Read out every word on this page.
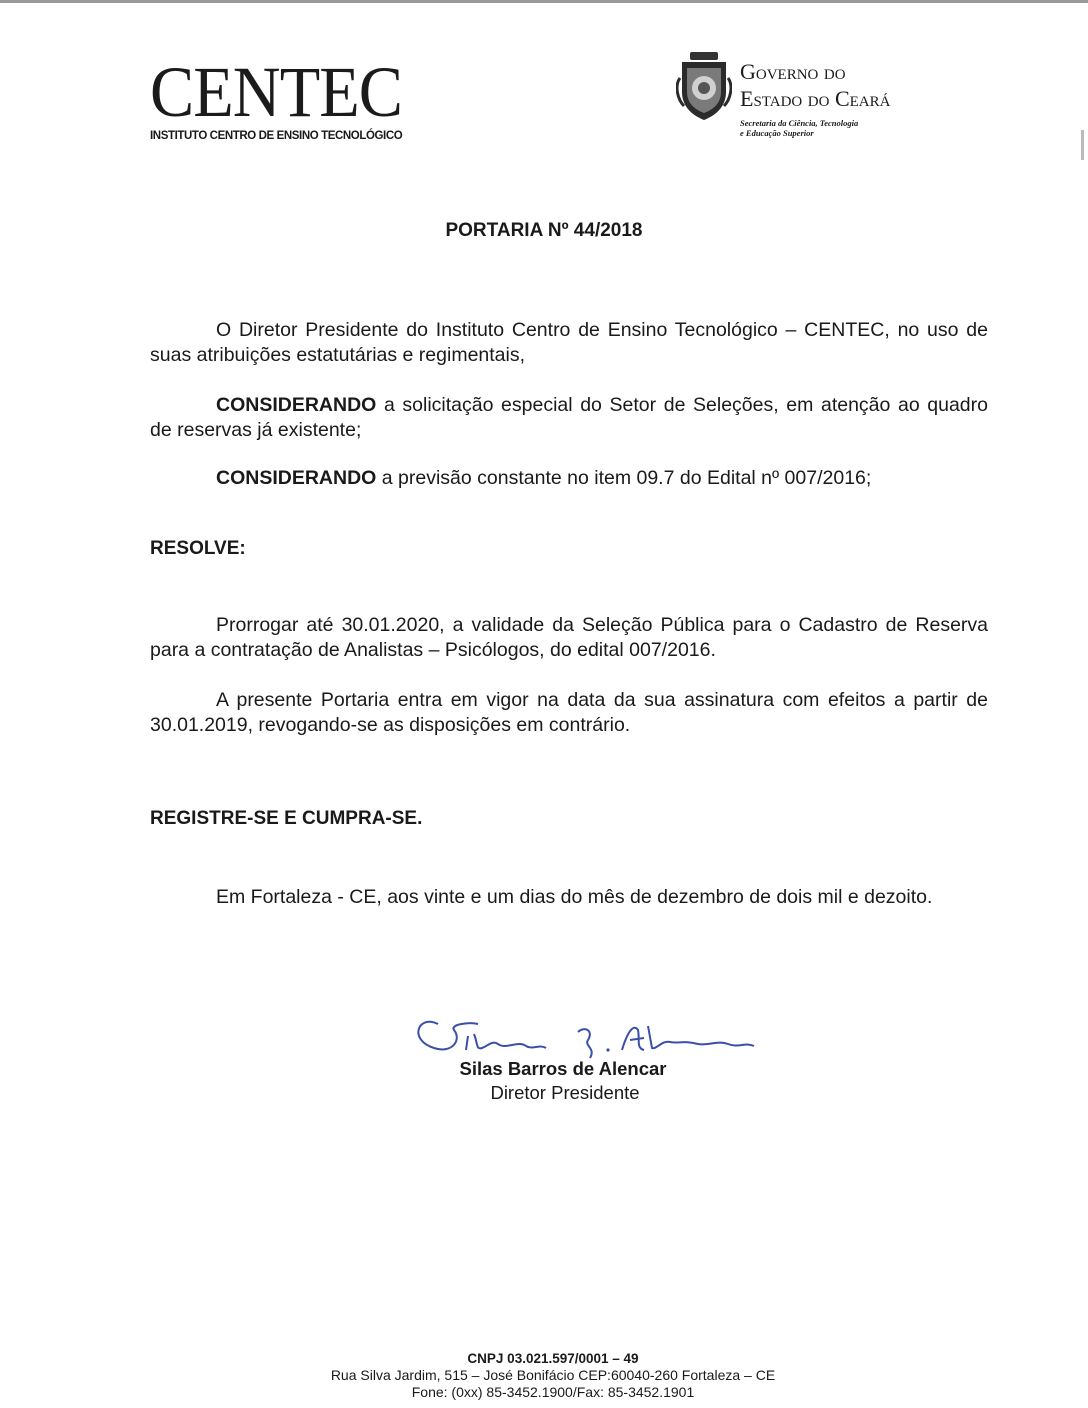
CENTEC
INSTITUTO CENTRO DE ENSINO TECNOLÓGICO
GOVERNO DO
ESTADO DO CEARÁ
Secretaria da Ciência, Tecnologia
e Educação Superior
PORTARIA Nº 44/2018
O Diretor Presidente do Instituto Centro de Ensino Tecnológico – CENTEC, no uso de suas atribuições estatutárias e regimentais,
CONSIDERANDO a solicitação especial do Setor de Seleções, em atenção ao quadro de reservas já existente;
CONSIDERANDO a previsão constante no item 09.7 do Edital nº 007/2016;
RESOLVE:
Prorrogar até 30.01.2020, a validade da Seleção Pública para o Cadastro de Reserva para a contratação de Analistas – Psicólogos, do edital 007/2016.
A presente Portaria entra em vigor na data da sua assinatura com efeitos a partir de 30.01.2019, revogando-se as disposições em contrário.
REGISTRE-SE E CUMPRA-SE.
Em Fortaleza - CE, aos vinte e um dias do mês de dezembro de dois mil e dezoito.
Silas Barros de Alencar
Diretor Presidente
CNPJ 03.021.597/0001 – 49
Rua Silva Jardim, 515 – José Bonifácio CEP:60040-260 Fortaleza – CE
Fone: (0xx) 85-3452.1900/Fax: 85-3452.1901
